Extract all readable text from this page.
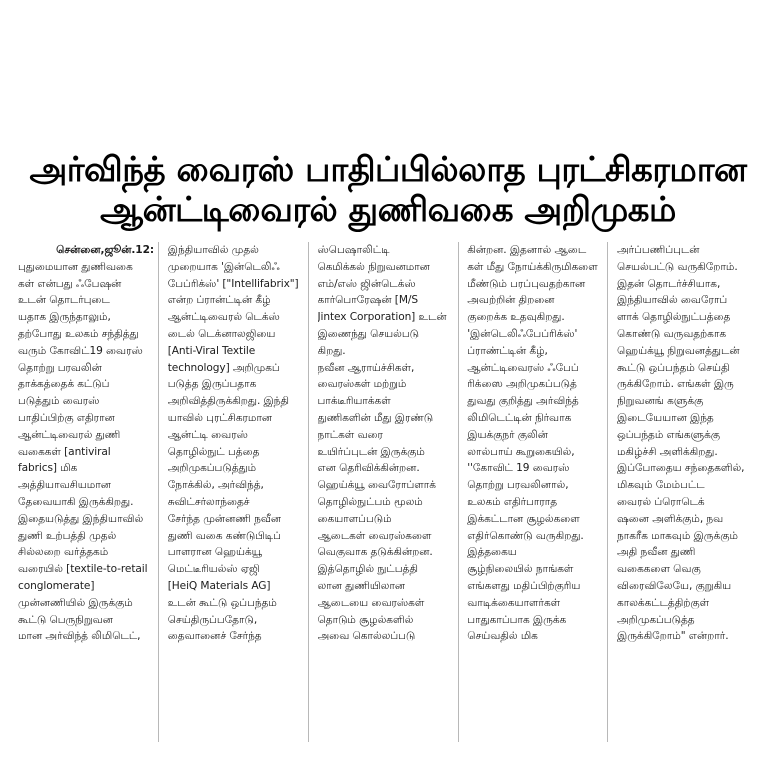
அர்விந்த் வைரஸ் பாதிப்பில்லாத புரட்சிகரமான
ஆன்ட்டிவைரல் துணிவகை அறிமுகம்
சென்னை,ஜூன்.12:
புதுமையான துணிவகை
கள் என்பது ஃபேஷன்
உடன் தொடர்புடை
யதாக இருந்தாலும்,
தற்போது உலகம் சந்தித்து
வரும் கோவிட்19 வைரஸ்
தொற்று பரவலின்
தாக்கத்தைக் கட்டுப்
படுத்தும் வைரஸ்
பாதிப்பிற்கு எதிரான
ஆன்ட்டிவைரல் துணி
வகைகள் [antiviral
fabrics] மிக
அத்தியாவசியமான
தேவையாகி இருக்கிறது.
இதையடுத்து இந்தியாவில்
துணி உற்பத்தி முதல்
சில்லறை வர்த்தகம்
வரையில் [textile-to-retail
conglomerate]
முன்னணியில் இருக்கும்
கூட்டு பெருநிறுவன
மான அர்விந்த் லிமிடெட்,
இந்தியாவில் முதல்
முறையாக 'இன்டெலிஃ
பேப்ரிக்ஸ்' ["Intellifabrix"]
என்ற ப்ரான்ட்டின் கீழ்
ஆன்ட்டிவைரல் டெக்ஸ்
டைல் டெக்னாலஜியை
[Anti-Viral Textile
technology] அறிமுகப்
படுத்த இருப்பதாக
அறிவித்திருக்கிறது. இந்தி
யாவில் புரட்சிகரமான
ஆன்ட்டி வைரஸ்
தொழில்நுட் பத்தை
அறிமுகப்படுத்தும்
நோக்கில், அர்விந்த்,
சுவிட்சர்லாந்தைச்
சேர்ந்த முன்னணி நவீன
துணி வகை கண்டுபிடிப்
பாளரான ஹெய்க்யூ
மெட்டீரியல்ஸ் ஏஜி
[HeiQ Materials AG]
உடன் கூட்டு ஒப்பந்தம்
செய்திருப்பதோடு,
தைவானைச் சேர்ந்த
ஸ்பெஷாலிட்டி
கெமிக்கல் நிறுவனமான
எம்/எஸ் ஜின்டெக்ஸ்
கார்பொரேஷன் [M/S
Jintex Corporation] உடன்
இணைந்து செயல்படு
கிறது.
நவீன ஆராய்ச்சிகள்,
வைரஸ்கள் மற்றும்
பாக்டீரியாக்கள்
துணிகளின் மீது இரண்டு
நாட்கள் வரை
உயிர்ப்புடன் இருக்கும்
என தெரிவிக்கின்றன.
ஹெய்க்யூ வைரோப்ளாக்
தொழில்நுட்பம் மூலம்
கையாளப்படும்
ஆடைகள் வைரஸ்களை
வெகுவாக தடுக்கின்றன.
இத்தொழில் நுட்பத்தி
லான துணியிலான
ஆடையை வைரஸ்கள்
தொடும் சூழல்களில்
அவை கொல்லப்படு
கின்றன. இதனால் ஆடை
கள் மீது நோய்க்கிருமிகளை
மீண்டும் பரப்புவதற்கான
அவற்றின் திறனை
குறைக்க உதவுகிறது.
'இன்டெலிஃபேப்ரிக்ஸ்'
ப்ராண்ட்டின் கீழ்,
ஆன்ட்டிவைரஸ் ஃபேப்
ரிக்ஸை அறிமுகப்படுத்
துவது குறித்து அர்விந்த்
லிமிடெட்டின் நிர்வாக
இயக்குநர் குலின்
லால்பாய் கூறுகையில்,
''கோவிட் 19 வைரஸ்
தொற்று பரவலினால்,
உலகம் எதிர்பாராத
இக்கட்டான சூழல்களை
எதிர்கொண்டு வருகிறது.
இத்தகைய
சூழ்நிலையில் நாங்கள்
எங்களது மதிப்பிற்குரிய
வாடிக்கையாளர்கள்
பாதுகாப்பாக இருக்க
செய்வதில் மிக
அர்ப்பணிப்புடன்
செயல்பட்டு வருகிறோம்.
இதன் தொடர்ச்சியாக,
இந்தியாவில் வைரோப்
ளாக் தொழில்நுட்பத்தை
கொண்டு வருவதற்காக
ஹெய்க்யூ நிறுவனத்துடன்
கூட்டு ஒப்பந்தம் செய்தி
ருக்கிறோம். எங்கள் இரு
நிறுவனங் களுக்கு
இடையேயான இந்த
ஒப்பந்தம் எங்களுக்கு
மகிழ்ச்சி அளிக்கிறது.
இப்போதைய சந்தைகளில்,
மிகவும் மேம்பட்ட
வைரல் ப்ரொடெக்
ஷனை அளிக்கும், நவ
நாகரீக மாகவும் இருக்கும்
அதி நவீன துணி
வகைகளை வெகு
விரைவிலேயே, குறுகிய
காலக்கட்டத்திற்குள்
அறிமுகப்படுத்த
இருக்கிறோம்" என்றார்.
